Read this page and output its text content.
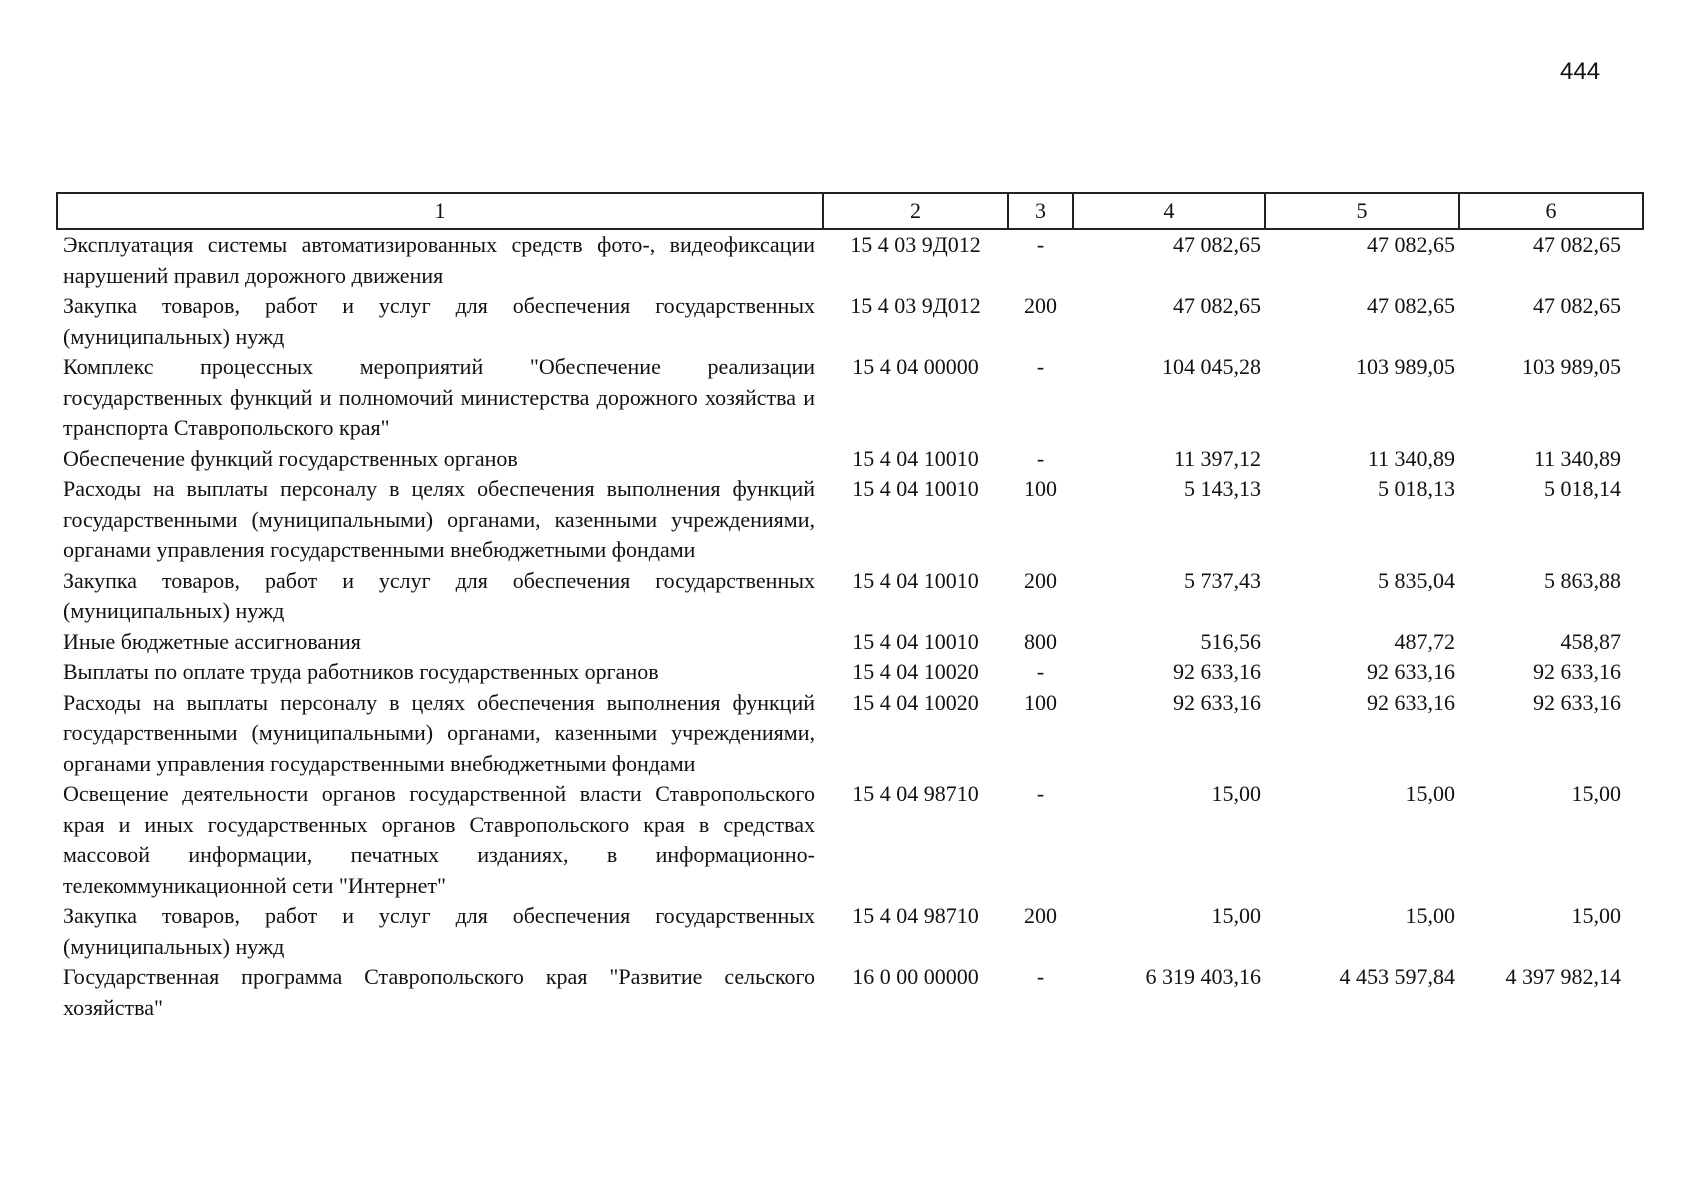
444
1	2	3	4	5	6
Эксплуатация системы автоматизированных средств фото-, видеофиксации нарушений правил дорожного движения	15 4 03 9Д012	-	47 082,65	47 082,65	47 082,65
Закупка товаров, работ и услуг для обеспечения государственных (муниципальных) нужд	15 4 03 9Д012	200	47 082,65	47 082,65	47 082,65
Комплекс процессных мероприятий "Обеспечение реализации государственных функций и полномочий министерства дорожного хозяйства и транспорта Ставропольского края"	15 4 04 00000	-	104 045,28	103 989,05	103 989,05
Обеспечение функций государственных органов	15 4 04 10010	-	11 397,12	11 340,89	11 340,89
Расходы на выплаты персоналу в целях обеспечения выполнения функций государственными (муниципальными) органами, казенными учреждениями, органами управления государственными внебюджетными фондами	15 4 04 10010	100	5 143,13	5 018,13	5 018,14
Закупка товаров, работ и услуг для обеспечения государственных (муниципальных) нужд	15 4 04 10010	200	5 737,43	5 835,04	5 863,88
Иные бюджетные ассигнования	15 4 04 10010	800	516,56	487,72	458,87
Выплаты по оплате труда работников государственных органов	15 4 04 10020	-	92 633,16	92 633,16	92 633,16
Расходы на выплаты персоналу в целях обеспечения выполнения функций государственными (муниципальными) органами, казенными учреждениями, органами управления государственными внебюджетными фондами	15 4 04 10020	100	92 633,16	92 633,16	92 633,16
Освещение деятельности органов государственной власти Ставропольского края и иных государственных органов Ставропольского края в средствах массовой информации, печатных изданиях, в информационно-телекоммуникационной сети "Интернет"	15 4 04 98710	-	15,00	15,00	15,00
Закупка товаров, работ и услуг для обеспечения государственных (муниципальных) нужд	15 4 04 98710	200	15,00	15,00	15,00
Государственная программа Ставропольского края "Развитие сельского хозяйства"	16 0 00 00000	-	6 319 403,16	4 453 597,84	4 397 982,14
